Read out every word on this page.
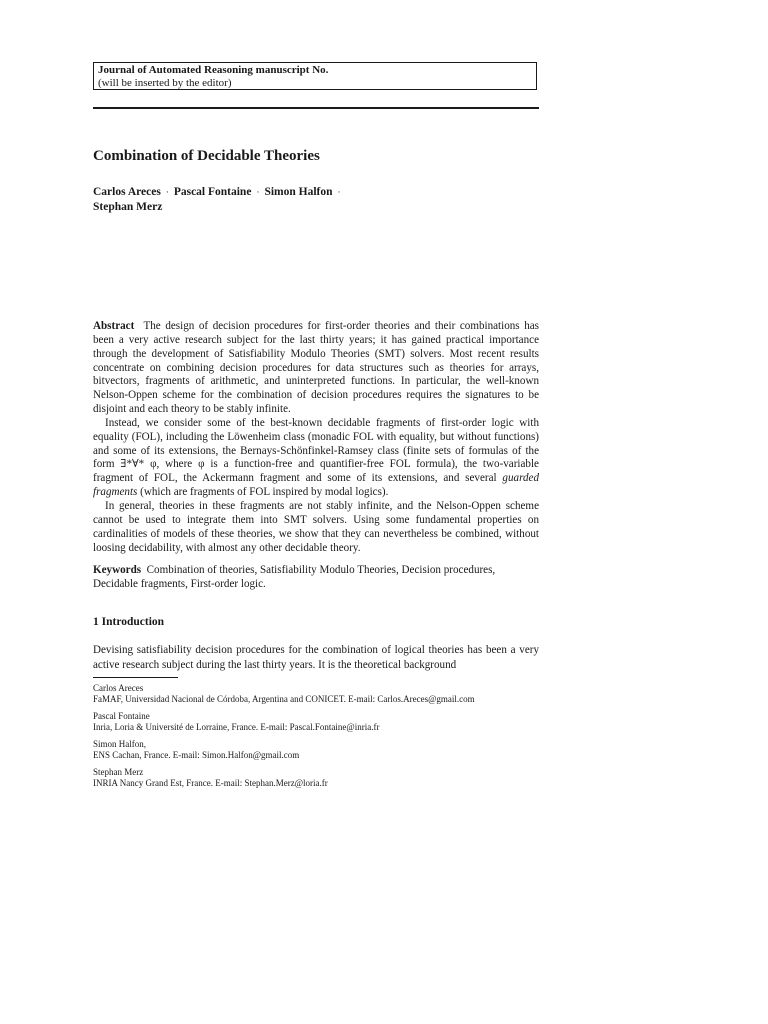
Journal of Automated Reasoning manuscript No.
(will be inserted by the editor)
Combination of Decidable Theories
Carlos Areces · Pascal Fontaine · Simon Halfon ·
Stephan Merz

Abstract The design of decision procedures for first-order theories and their combinations has been a very active research subject for the last thirty years; it has gained practical importance through the development of Satisfiability Modulo Theories (SMT) solvers. Most recent results concentrate on combining decision procedures for data structures such as theories for arrays, bitvectors, fragments of arithmetic, and uninterpreted functions. In particular, the well-known Nelson-Oppen scheme for the combination of decision procedures requires the signatures to be disjoint and each theory to be stably infinite.

Instead, we consider some of the best-known decidable fragments of first-order logic with equality (FOL), including the Löwenheim class (monadic FOL with equality, but without functions) and some of its extensions, the Bernays-Schönfinkel-Ramsey class (finite sets of formulas of the form ∃*∀* φ, where φ is a function-free and quantifier-free FOL formula), the two-variable fragment of FOL, the Ackermann fragment and some of its extensions, and several guarded fragments (which are fragments of FOL inspired by modal logics).

In general, theories in these fragments are not stably infinite, and the Nelson-Oppen scheme cannot be used to integrate them into SMT solvers. Using some fundamental properties on cardinalities of models of these theories, we show that they can nevertheless be combined, without loosing decidability, with almost any other decidable theory.

Keywords Combination of theories, Satisfiability Modulo Theories, Decision procedures, Decidable fragments, First-order logic.
1 Introduction

Devising satisfiability decision procedures for the combination of logical theories has been a very active research subject during the last thirty years. It is the theoretical background

Carlos Areces
FaMAF, Universidad Nacional de Córdoba, Argentina and CONICET. E-mail: Carlos.Areces@gmail.com
Pascal Fontaine
Inria, Loria & Université de Lorraine, France. E-mail: Pascal.Fontaine@inria.fr
Simon Halfon,
ENS Cachan, France. E-mail: Simon.Halfon@gmail.com
Stephan Merz
INRIA Nancy Grand Est, France. E-mail: Stephan.Merz@loria.fr
